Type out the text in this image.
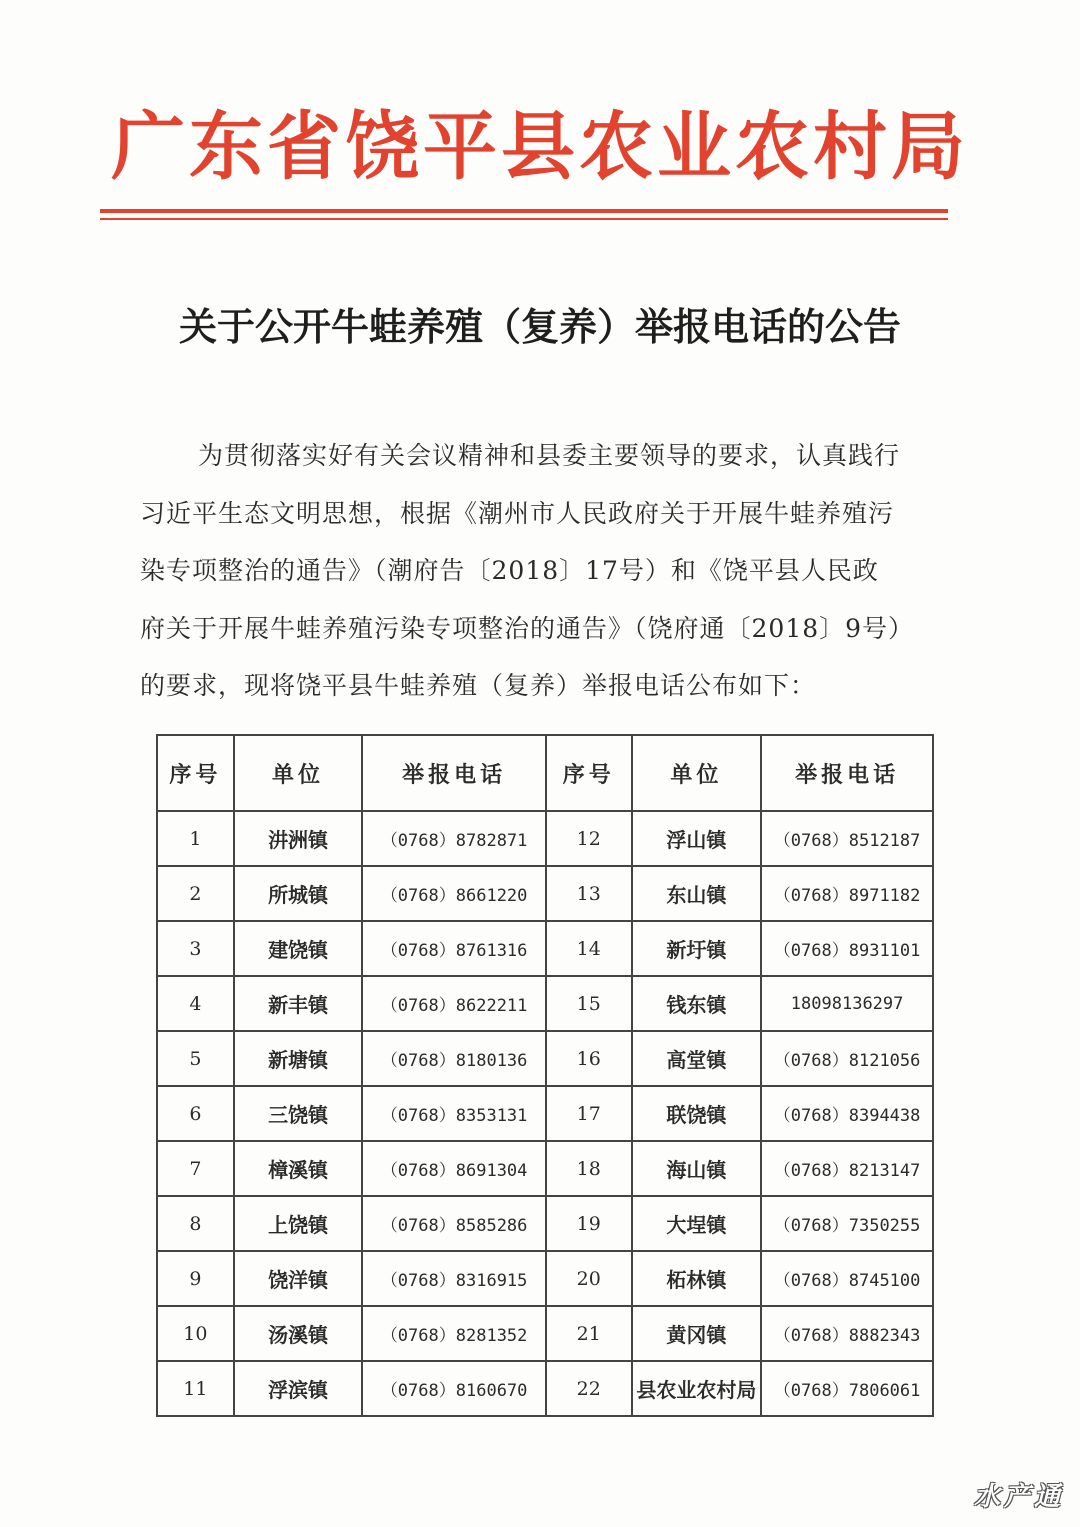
广东省饶平县农业农村局
关于公开牛蛙养殖（复养）举报电话的公告
为贯彻落实好有关会议精神和县委主要领导的要求，认真践行
习近平生态文明思想，根据《潮州市人民政府关于开展牛蛙养殖污
染专项整治的通告》（潮府告〔2018〕17号）和《饶平县人民政
府关于开展牛蛙养殖污染专项整治的通告》（饶府通〔2018〕9号）
的要求，现将饶平县牛蛙养殖（复养）举报电话公布如下：
序号	单位	举报电话	序号	单位	举报电话
1	汫洲镇	（0768）8782871	12	浮山镇	（0768）8512187
2	所城镇	（0768）8661220	13	东山镇	（0768）8971182
3	建饶镇	（0768）8761316	14	新圩镇	（0768）8931101
4	新丰镇	（0768）8622211	15	钱东镇	18098136297
5	新塘镇	（0768）8180136	16	高堂镇	（0768）8121056
6	三饶镇	（0768）8353131	17	联饶镇	（0768）8394438
7	樟溪镇	（0768）8691304	18	海山镇	（0768）8213147
8	上饶镇	（0768）8585286	19	大埕镇	（0768）7350255
9	饶洋镇	（0768）8316915	20	柘林镇	（0768）8745100
10	汤溪镇	（0768）8281352	21	黄冈镇	（0768）8882343
11	浮滨镇	（0768）8160670	22	县农业农村局	（0768）7806061
水产通
